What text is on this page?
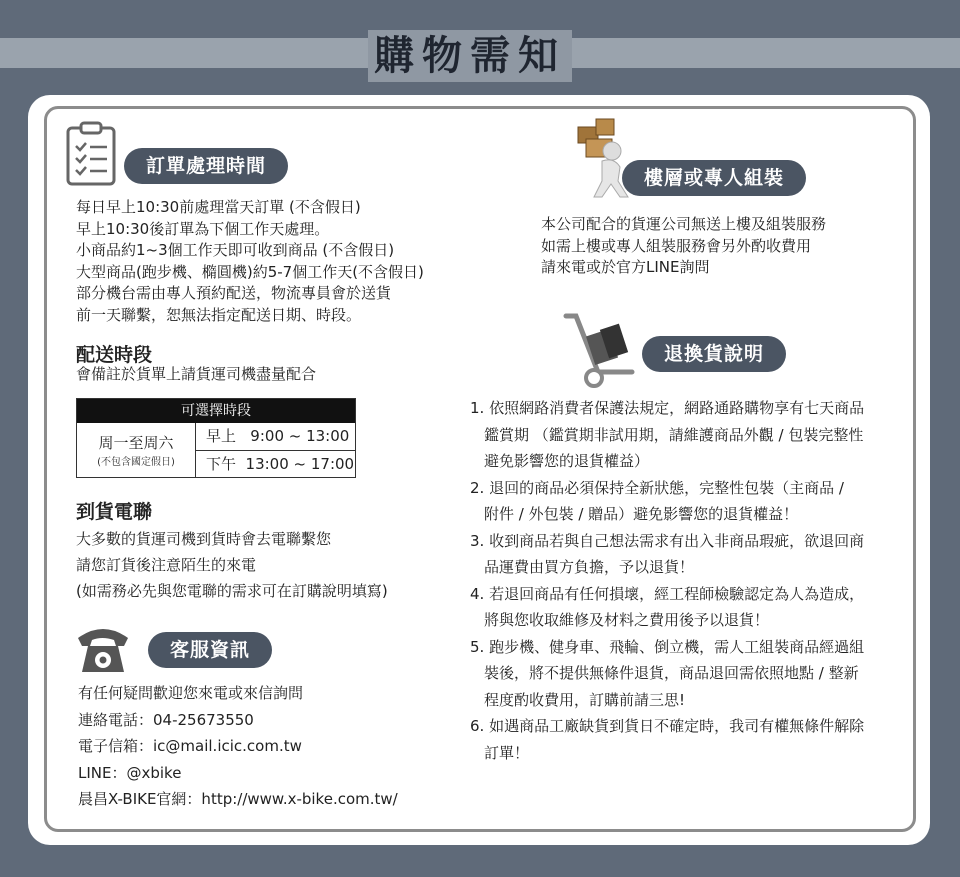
購物需知
訂單處理時間
每日早上10:30前處理當天訂單 (不含假日)
早上10:30後訂單為下個工作天處理。
小商品約1~3個工作天即可收到商品 (不含假日)
大型商品(跑步機、橢圓機)約5-7個工作天(不含假日)
部分機台需由專人預約配送，物流專員會於送貨
前一天聯繫，恕無法指定配送日期、時段。
配送時段
會備註於貨單上請貨運司機盡量配合
可選擇時段
周一至周六
(不包含國定假日)
早上   9:00 ~ 13:00
下午  13:00 ~ 17:00
到貨電聯
大多數的貨運司機到貨時會去電聯繫您
請您訂貨後注意陌生的來電
(如需務必先與您電聯的需求可在訂購說明填寫)
客服資訊
有任何疑問歡迎您來電或來信詢問
連絡電話：04-25673550
電子信箱：ic@mail.icic.com.tw
LINE：@xbike
晨昌X-BIKE官網：http://www.x-bike.com.tw/
樓層或專人組裝
本公司配合的貨運公司無送上樓及組裝服務
如需上樓或專人組裝服務會另外酌收費用
請來電或於官方LINE詢問
退換貨說明
1. 依照網路消費者保護法規定，網路通路購物享有七天商品
鑑賞期 （鑑賞期非試用期，請維護商品外觀 / 包裝完整性
避免影響您的退貨權益）
2. 退回的商品必須保持全新狀態，完整性包裝（主商品 /
附件 / 外包裝 / 贈品）避免影響您的退貨權益！
3. 收到商品若與自己想法需求有出入非商品瑕疵，欲退回商
品運費由買方負擔，予以退貨！
4. 若退回商品有任何損壞，經工程師檢驗認定為人為造成，
將與您收取維修及材料之費用後予以退貨！
5. 跑步機、健身車、飛輪、倒立機，需人工組裝商品經過組
裝後，將不提供無條件退貨，商品退回需依照地點 / 整新
程度酌收費用，訂購前請三思!
6. 如遇商品工廠缺貨到貨日不確定時，我司有權無條件解除
訂單！
